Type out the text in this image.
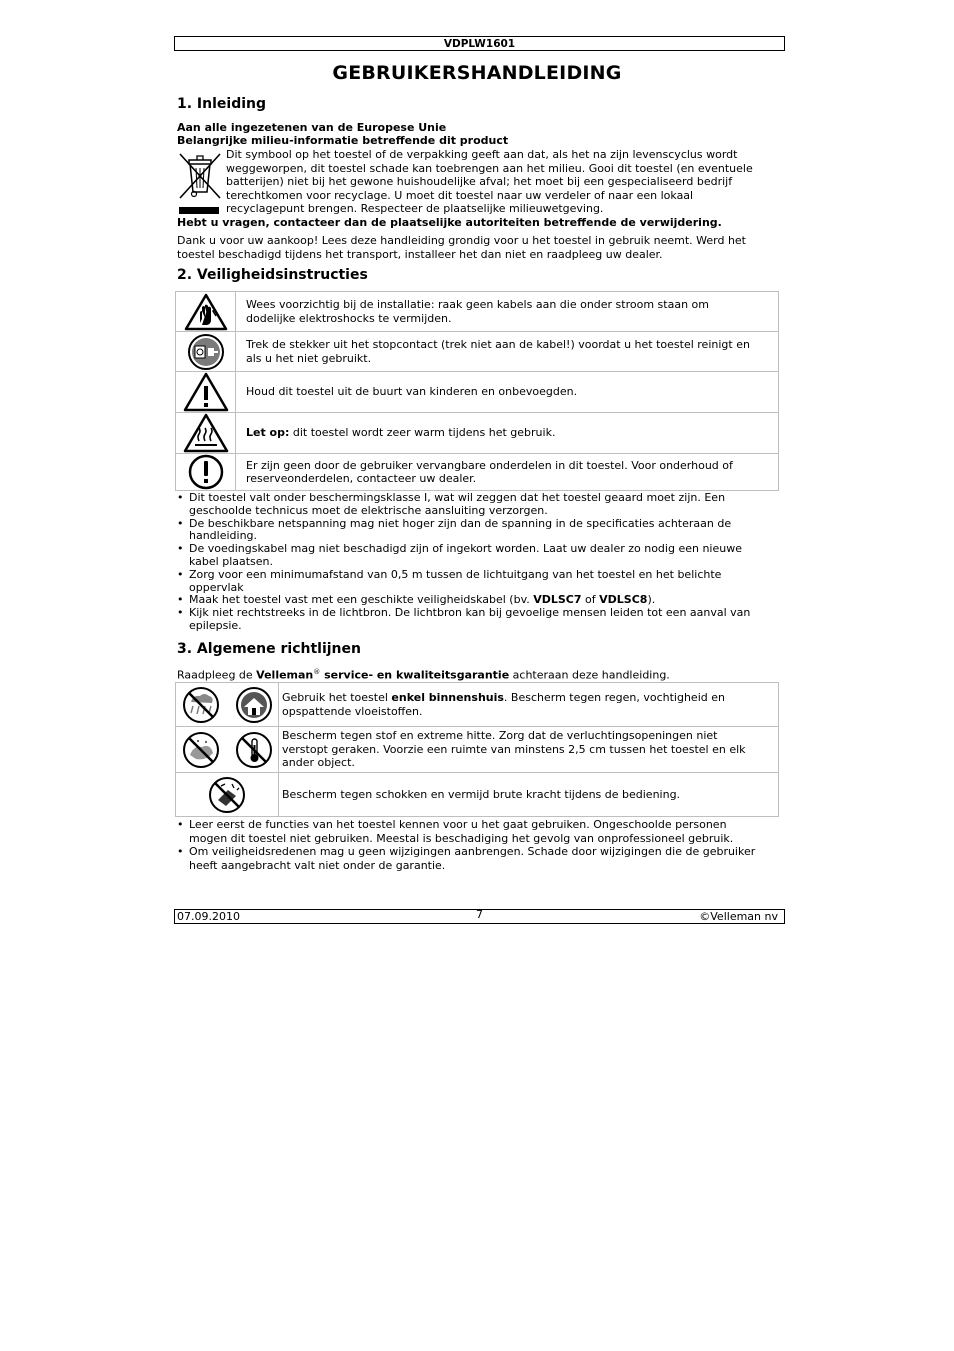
VDPLW1601
GEBRUIKERSHANDLEIDING
1. Inleiding
Aan alle ingezetenen van de Europese Unie
Belangrijke milieu-informatie betreffende dit product
Dit symbool op het toestel of de verpakking geeft aan dat, als het na zijn levenscyclus wordt
weggeworpen, dit toestel schade kan toebrengen aan het milieu. Gooi dit toestel (en eventuele
batterijen) niet bij het gewone huishoudelijke afval; het moet bij een gespecialiseerd bedrijf
terechtkomen voor recyclage. U moet dit toestel naar uw verdeler of naar een lokaal
recyclagepunt brengen. Respecteer de plaatselijke milieuwetgeving.
Hebt u vragen, contacteer dan de plaatselijke autoriteiten betreffende de verwijdering.
Dank u voor uw aankoop! Lees deze handleiding grondig voor u het toestel in gebruik neemt. Werd het
toestel beschadigd tijdens het transport, installeer het dan niet en raadpleeg uw dealer.
2. Veiligheidsinstructies

Wees voorzichtig bij de installatie: raak geen kabels aan die onder stroom staan om
dodelijke elektroshocks te vermijden.

Trek de stekker uit het stopcontact (trek niet aan de kabel!) voordat u het toestel reinigt en
als u het niet gebruikt.

Houd dit toestel uit de buurt van kinderen en onbevoegden.

	Let op: dit toestel wordt zeer warm tijdens het gebruik.

Er zijn geen door de gebruiker vervangbare onderdelen in dit toestel. Voor onderhoud of
reserveonderdelen, contacteer uw dealer.
• Dit toestel valt onder beschermingsklasse I, wat wil zeggen dat het toestel geaard moet zijn. Een
geschoolde technicus moet de elektrische aansluiting verzorgen.
• De beschikbare netspanning mag niet hoger zijn dan de spanning in de specificaties achteraan de
handleiding.
• De voedingskabel mag niet beschadigd zijn of ingekort worden. Laat uw dealer zo nodig een nieuwe
kabel plaatsen.
• Zorg voor een minimumafstand van 0,5 m tussen de lichtuitgang van het toestel en het belichte
oppervlak
• Maak het toestel vast met een geschikte veiligheidskabel (bv. VDLSC7 of VDLSC8).
• Kijk niet rechtstreeks in de lichtbron. De lichtbron kan bij gevoelige mensen leiden tot een aanval van
epilepsie.
3. Algemene richtlijnen
Raadpleeg de Velleman® service- en kwaliteitsgarantie achteraan deze handleiding.

Gebruik het toestel enkel binnenshuis. Bescherm tegen regen, vochtigheid en
opspattende vloeistoffen.

Bescherm tegen stof en extreme hitte. Zorg dat de verluchtingsopeningen niet
verstopt geraken. Voorzie een ruimte van minstens 2,5 cm tussen het toestel en elk
ander object.

Bescherm tegen schokken en vermijd brute kracht tijdens de bediening.
• Leer eerst de functies van het toestel kennen voor u het gaat gebruiken. Ongeschoolde personen
mogen dit toestel niet gebruiken. Meestal is beschadiging het gevolg van onprofessioneel gebruik.
• Om veiligheidsredenen mag u geen wijzigingen aanbrengen. Schade door wijzigingen die de gebruiker
heeft aangebracht valt niet onder de garantie.
07.09.2010	7	©Velleman nv
